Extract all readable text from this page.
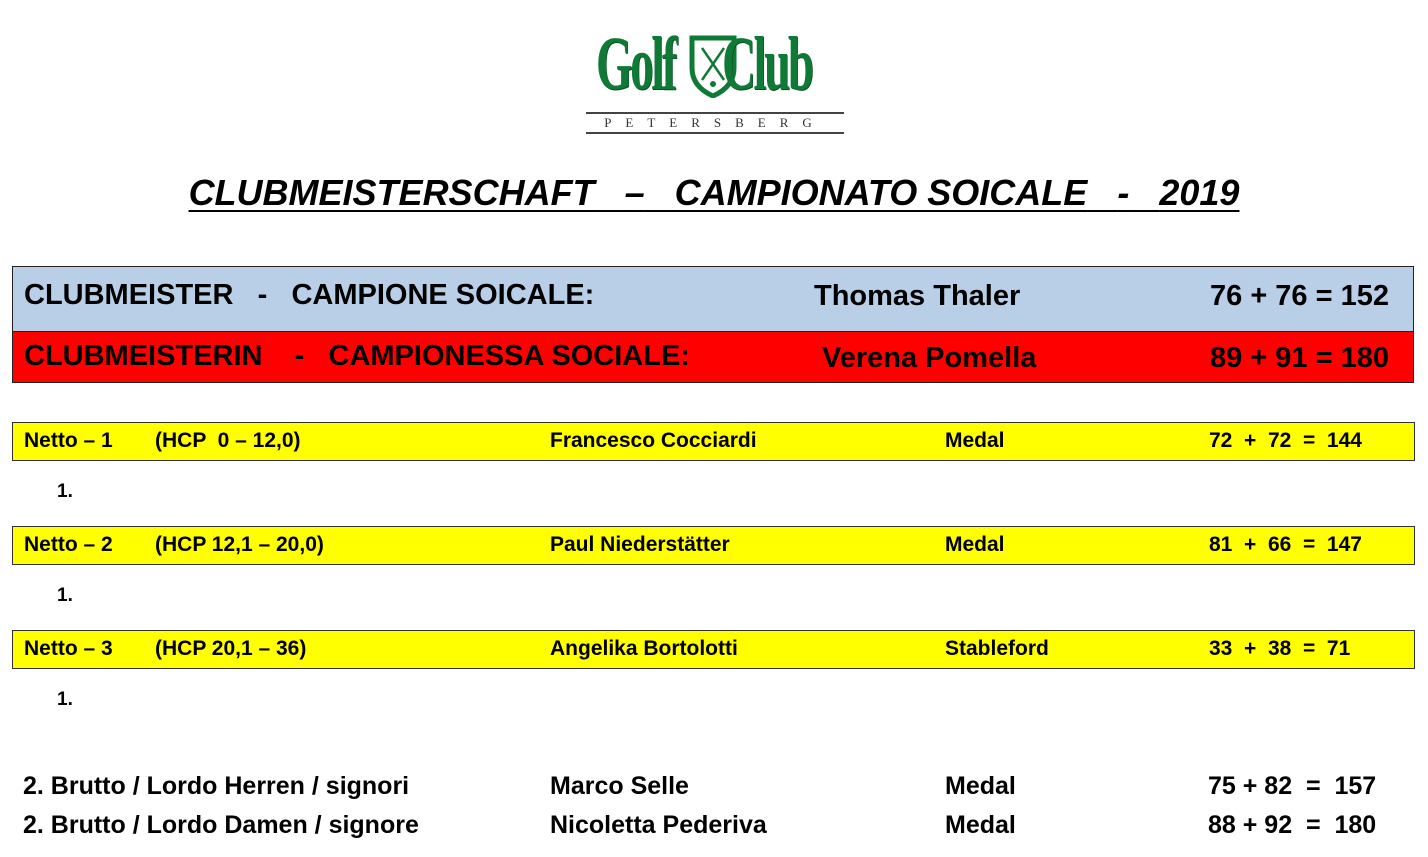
Golf Club
PETERSBERG
CLUBMEISTERSCHAFT – CAMPIONATO SOICALE - 2019
CLUBMEISTER   -   CAMPIONE SOICALE:	Thomas Thaler	76 + 76 = 152
CLUBMEISTERIN    -   CAMPIONESSA SOCIALE:	Verena Pomella	89 + 91 = 180
Netto – 1 (HCP  0 – 12,0)	Francesco Cocciardi	Medal	72  +  72  =  144
1.
Netto – 2 (HCP 12,1 – 20,0)	Paul Niederstätter	Medal	81  +  66  =  147
1.
Netto – 3 (HCP 20,1 – 36)	Angelika Bortolotti	Stableford	33  +  38  =  71
1.
2. Brutto / Lordo Herren / signori	Marco Selle	Medal	75 + 82  =  157
2. Brutto / Lordo Damen / signore	Nicoletta Pederiva	Medal	88 + 92  =  180
